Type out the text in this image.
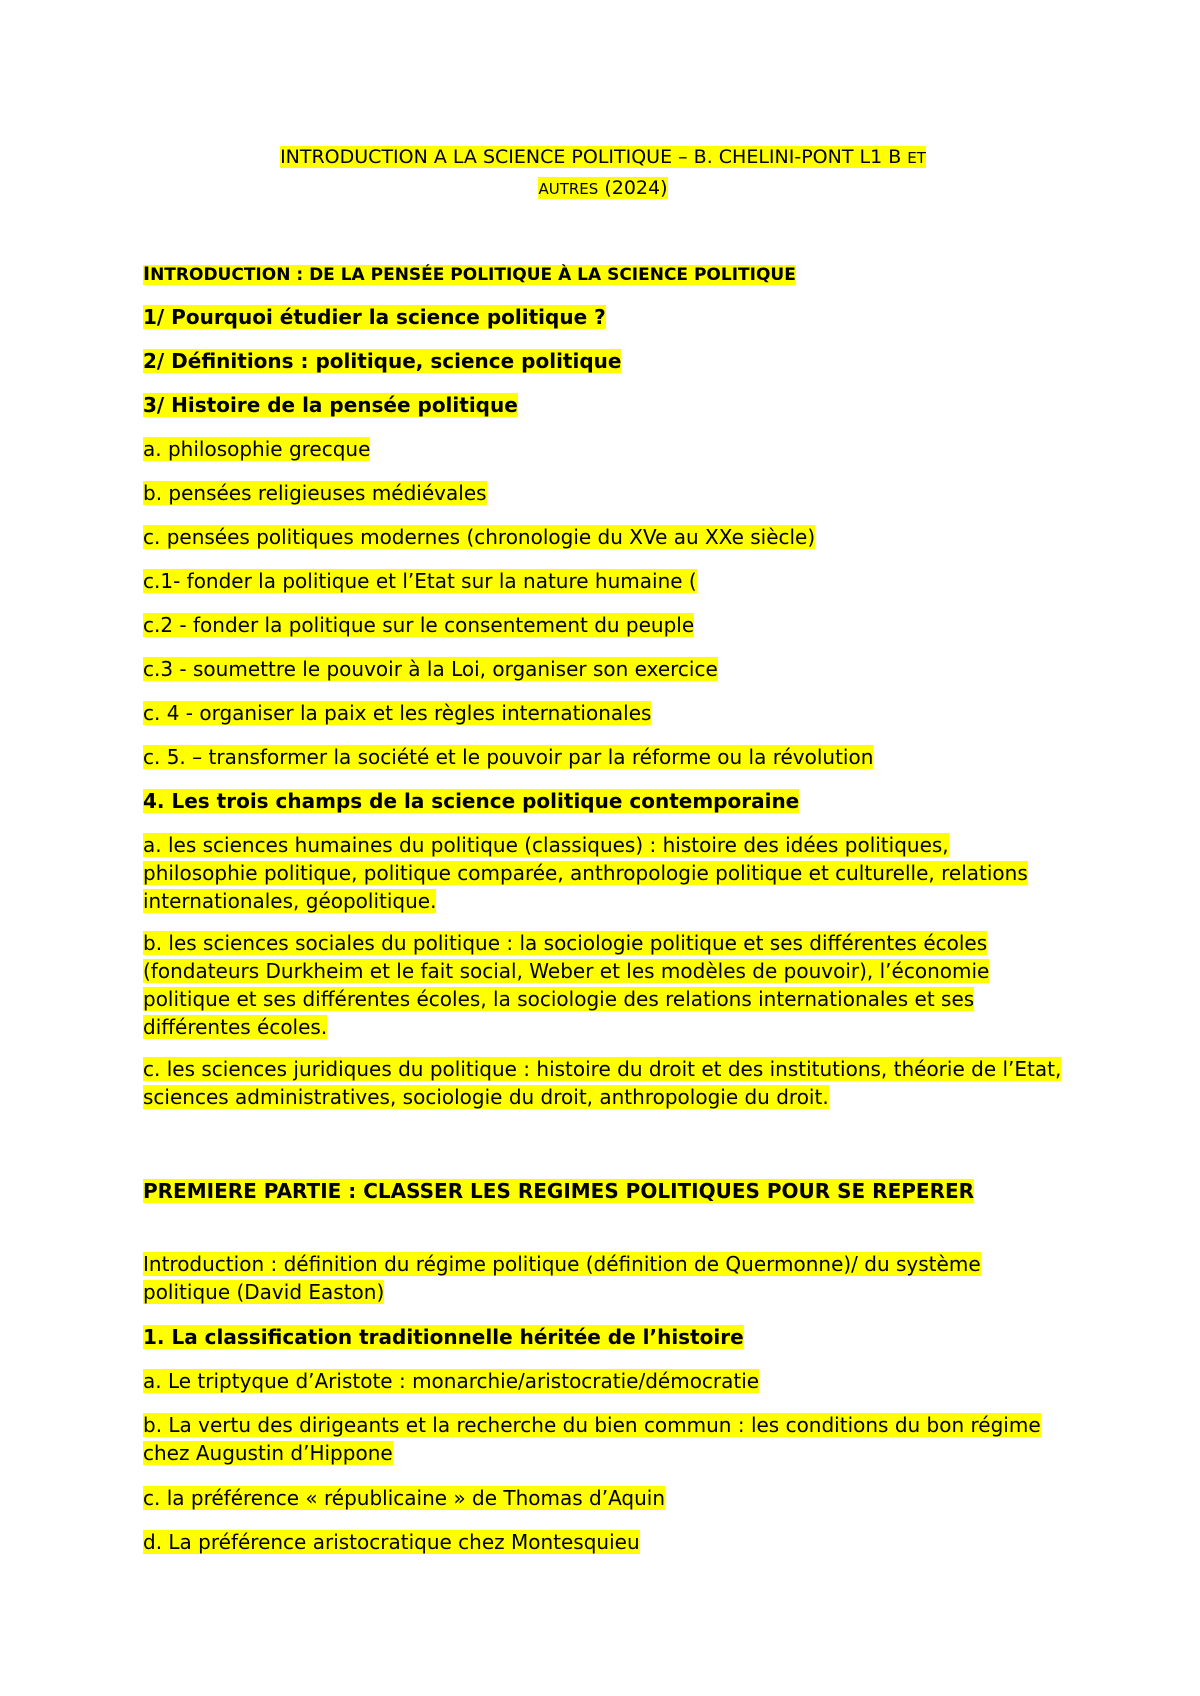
INTRODUCTION A LA SCIENCE POLITIQUE – B. CHELINI-PONT L1 B ET
AUTRES (2024)
INTRODUCTION : DE LA PENSÉE POLITIQUE À LA SCIENCE POLITIQUE
1/ Pourquoi étudier la science politique ?
2/ Définitions : politique, science politique
3/ Histoire de la pensée politique
a. philosophie grecque
b. pensées religieuses médiévales
c. pensées politiques modernes (chronologie du XVe au XXe siècle)
c.1- fonder la politique et l’Etat sur la nature humaine (
c.2 - fonder la politique sur le consentement du peuple
c.3 - soumettre le pouvoir à la Loi, organiser son exercice
c. 4 - organiser la paix et les règles internationales
c. 5. – transformer la société et le pouvoir par la réforme ou la révolution
4. Les trois champs de la science politique contemporaine
a. les sciences humaines du politique (classiques) : histoire des idées politiques, philosophie politique, politique comparée, anthropologie politique et culturelle, relations internationales, géopolitique.
b. les sciences sociales du politique : la sociologie politique et ses différentes écoles (fondateurs Durkheim et le fait social, Weber et les modèles de pouvoir), l’économie politique et ses différentes écoles, la sociologie des relations internationales et ses différentes écoles.
c. les sciences juridiques du politique : histoire du droit et des institutions, théorie de l’Etat, sciences administratives, sociologie du droit, anthropologie du droit.
PREMIERE PARTIE : CLASSER LES REGIMES POLITIQUES POUR SE REPERER
Introduction : définition du régime politique (définition de Quermonne)/ du système politique (David Easton)
1. La classification traditionnelle héritée de l’histoire
a. Le triptyque d’Aristote : monarchie/aristocratie/démocratie
b. La vertu des dirigeants et la recherche du bien commun : les conditions du bon régime chez Augustin d’Hippone
c. la préférence « républicaine » de Thomas d’Aquin
d. La préférence aristocratique chez Montesquieu
